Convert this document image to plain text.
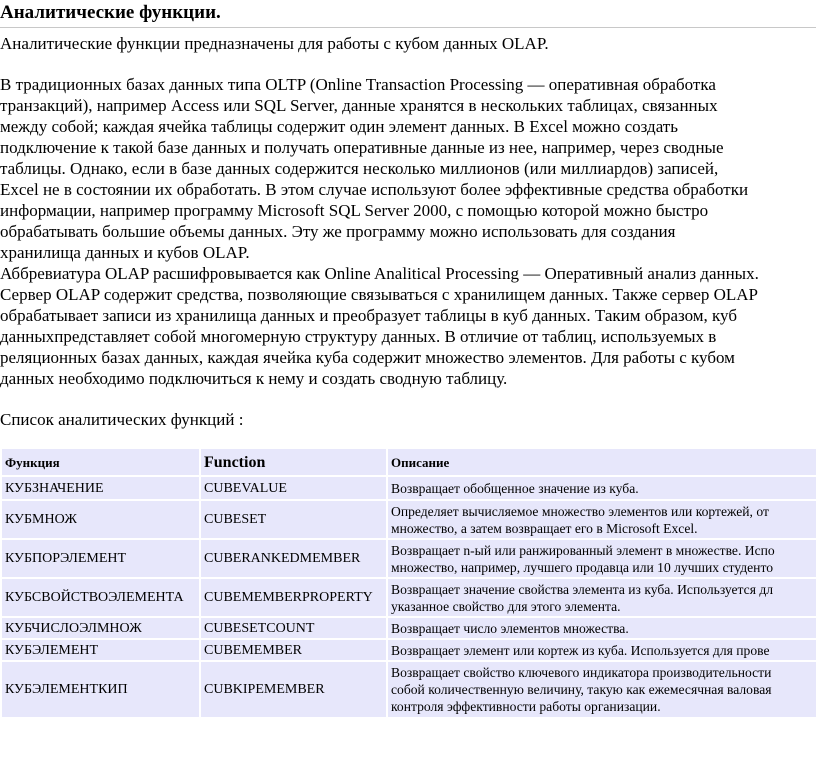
Аналитические функции.

Аналитические функции предназначены для работы с кубом данных OLAP.

В традиционных базах данных типа OLTP (Online Transaction Processing — оперативная обработка
транзакций), например Access или SQL Server, данные хранятся в нескольких таблицах, связанных
между собой; каждая ячейка таблицы содержит один элемент данных. В Excel можно создать
подключение к такой базе данных и получать оперативные данные из нее, например, через сводные
таблицы. Однако, если в базе данных содержится несколько миллионов (или миллиардов) записей,
Excel не в состоянии их обработать. В этом случае используют более эффективные средства обработки
информации, например программу Microsoft SQL Server 2000, с помощью которой можно быстро
обрабатывать большие объемы данных. Эту же программу можно использовать для создания
хранилища данных и кубов OLAP.

Аббревиатура OLAP расшифровывается как Online Analitical Processing — Оперативный анализ данных.
Сервер OLAP содержит средства, позволяющие связываться с хранилищем данных. Также сервер OLAP
обрабатывает записи из хранилища данных и преобразует таблицы в куб данных. Таким образом, куб
данныхпредставляет собой многомерную структуру данных. В отличие от таблиц, используемых в
реляционных базах данных, каждая ячейка куба содержит множество элементов. Для работы с кубом
данных необходимо подключиться к нему и создать сводную таблицу.

Список аналитических функций :

Функция	Function	Описание
КУБЗНАЧЕНИЕ	CUBEVALUE	Возвращает обобщенное значение из куба.

КУБМНОЖ	CUBESET	Определяет вычисляемое множество элементов или кортежей, от
множество, а затем возвращает его в Microsoft Excel.

КУБПОРЭЛЕМЕНТ	CUBERANKEDMEMBER	Возвращает n-ый или ранжированный элемент в множестве. Испо
множество, например, лучшего продавца или 10 лучших студенто

КУБСВОЙСТВОЭЛЕМЕНТА	CUBEMEMBERPROPERTY	Возвращает значение свойства элемента из куба. Используется дл
указанное свойство для этого элемента.

КУБЧИСЛОЭЛМНОЖ	CUBESETCOUNT	Возвращает число элементов множества.

КУБЭЛЕМЕНТ	CUBEMEMBER	Возвращает элемент или кортеж из куба. Используется для прове

КУБЭЛЕМЕНТКИП	CUBKIPEMEMBER	Возвращает свойство ключевого индикатора производительности
собой количественную величину, такую как ежемесячная валовая
контроля эффективности работы организации.
